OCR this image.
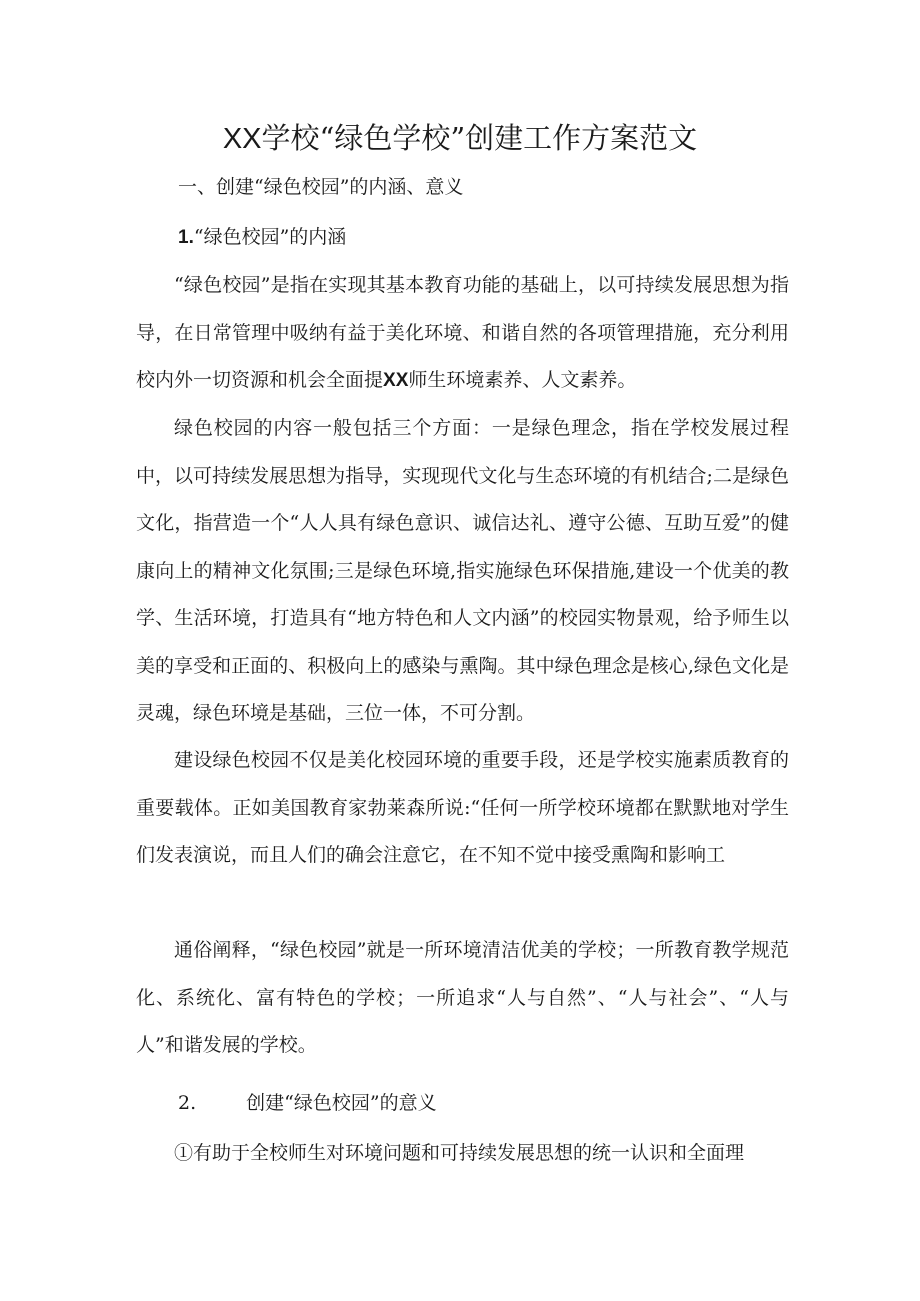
XX学校“绿色学校”创建工作方案范文
一、创建“绿色校园”的内涵、意义
1.“绿色校园”的内涵

“绿色校园”是指在实现其基本教育功能的基础上，以可持续发展思想为指导，在日常管理中吸纳有益于美化环境、和谐自然的各项管理措施，充分利用校内外一切资源和机会全面提XX师生环境素养、人文素养。

绿色校园的内容一般包括三个方面：一是绿色理念，指在学校发展过程中，以可持续发展思想为指导，实现现代文化与生态环境的有机结合;二是绿色文化，指营造一个“人人具有绿色意识、诚信达礼、遵守公德、互助互爱”的健康向上的精神文化氛围;三是绿色环境,指实施绿色环保措施,建设一个优美的教学、生活环境，打造具有“地方特色和人文内涵”的校园实物景观，给予师生以美的享受和正面的、积极向上的感染与熏陶。其中绿色理念是核心,绿色文化是灵魂，绿色环境是基础，三位一体，不可分割。

建设绿色校园不仅是美化校园环境的重要手段，还是学校实施素质教育的重要载体。正如美国教育家勃莱森所说:“任何一所学校环境都在默默地对学生们发表演说，而且人们的确会注意它，在不知不觉中接受熏陶和影响工

通俗阐释，“绿色校园”就是一所环境清洁优美的学校；一所教育教学规范化、系统化、富有特色的学校；一所追求“人与自然”、“人与社会”、“人与人”和谐发展的学校。

2.	创建“绿色校园”的意义

①有助于全校师生对环境问题和可持续发展思想的统一认识和全面理
